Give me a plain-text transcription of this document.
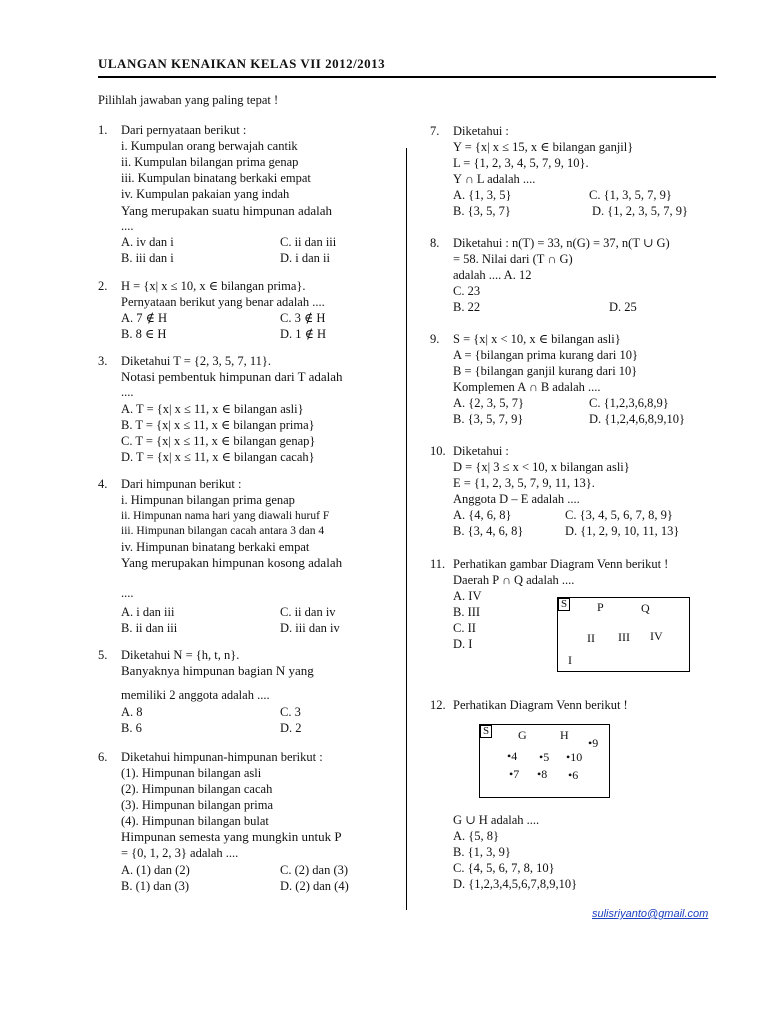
ULANGAN KENAIKAN KELAS VII 2012/2013
Pilihlah jawaban yang paling tepat !
1. Dari pernyataan berikut :
i. Kumpulan orang berwajah cantik
ii. Kumpulan bilangan prima genap
iii. Kumpulan binatang berkaki empat
iv. Kumpulan pakaian yang indah
Yang merupakan suatu himpunan adalah
....
A. iv dan i	C. ii dan iii
B. iii dan i	D. i dan ii
2. H = {x| x ≤ 10, x ∈ bilangan prima}.
Pernyataan berikut yang benar adalah ....
A. 7 ∉ H	C. 3 ∉ H
B. 8 ∈ H	D. 1 ∉ H
3. Diketahui T = {2, 3, 5, 7, 11}.
Notasi pembentuk himpunan dari T adalah
....
A. T = {x| x ≤ 11, x ∈ bilangan asli}
B. T = {x| x ≤ 11, x ∈ bilangan prima}
C. T = {x| x ≤ 11, x ∈ bilangan genap}
D. T = {x| x ≤ 11, x ∈ bilangan cacah}
4. Dari himpunan berikut :
i. Himpunan bilangan prima genap
ii. Himpunan nama hari yang diawali huruf F
iii. Himpunan bilangan cacah antara 3 dan 4
iv. Himpunan binatang berkaki empat
Yang merupakan himpunan kosong adalah
....
A. i dan iii	C. ii dan iv
B. ii dan iii	D. iii dan iv
5. Diketahui N = {h, t, n}.
Banyaknya himpunan bagian N yang
memiliki 2 anggota adalah ....
A. 8	C. 3
B. 6	D. 2
6. Diketahui himpunan-himpunan berikut :
(1). Himpunan bilangan asli
(2). Himpunan bilangan cacah
(3). Himpunan bilangan prima
(4). Himpunan bilangan bulat
Himpunan semesta yang mungkin untuk P
= {0, 1, 2, 3} adalah ....
A. (1) dan (2)	C. (2) dan (3)
B. (1) dan (3)	D. (2) dan (4)
7. Diketahui :
Y = {x| x ≤ 15, x ∈ bilangan ganjil}
L = {1, 2, 3, 4, 5, 7, 9, 10}.
Y ∩ L adalah ....
A. {1, 3, 5}	C. {1, 3, 5, 7, 9}
B. {3, 5, 7}	D. {1, 2, 3, 5, 7, 9}
8. Diketahui : n(T) = 33, n(G) = 37, n(T ∪ G)
= 58. Nilai dari (T ∩ G)
adalah .... A. 12
C. 23
B. 22	D. 25
9. S = {x| x < 10, x ∈ bilangan asli}
A = {bilangan prima kurang dari 10}
B = {bilangan ganjil kurang dari 10}
Komplemen A ∩ B adalah ....
A. {2, 3, 5, 7}	C. {1,2,3,6,8,9}
B. {3, 5, 7, 9}	D. {1,2,4,6,8,9,10}
10. Diketahui :
D = {x| 3 ≤ x < 10, x bilangan asli}
E = {1, 2, 3, 5, 7, 9, 11, 13}.
Anggota D – E adalah ....
A. {4, 6, 8}	C. {3, 4, 5, 6, 7, 8, 9}
B. {3, 4, 6, 8}	D. {1, 2, 9, 10, 11, 13}
11. Perhatikan gambar Diagram Venn berikut !
Daerah P ∩ Q adalah ....
A. IV
B. III
C. II
D. I
S P	Q
II III IV
I
12. Perhatikan Diagram Venn berikut !
S G	H
•9
•4 •5 •10
•7 •8 •6
G ∪ H adalah ....
A. {5, 8}
B. {1, 3, 9}
C. {4, 5, 6, 7, 8, 10}
D. {1,2,3,4,5,6,7,8,9,10}
sulisriyanto@gmail.com
